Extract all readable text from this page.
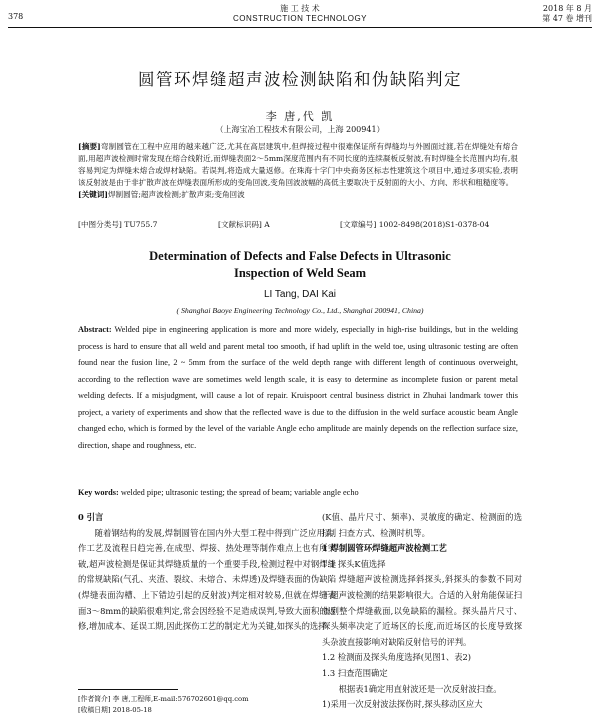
378
施 工 技 术
CONSTRUCTION TECHNOLOGY
2018 年 8 月
第 47 卷 增刊
圆管环焊缝超声波检测缺陷和伪缺陷判定
李 唐,代 凯
（上海宝冶工程技术有限公司，上海 200941）
[摘要]弯制圆管在工程中应用的越来越广泛,尤其在高层建筑中,但焊接过程中很难保证所有焊缝均与外圆面过渡,若在焊缝处有熔合面,用超声波检测时常发现在熔合线附近,而焊缝表面2～5mm深度范围内有不同长度的连续凝板反射波,有时焊缝全长范围内均有,很容易判定为焊缝未熔合或焊材缺陷。若误判,将造成大量返修。在珠海十字门中央商务区标志性建筑这个项目中,通过多项实验,表明该反射波是由于非扩散声波在焊缝表面所形成的变角回波,变角回波波幅的高低主要取决于反射面的大小、方向、形状和粗糙度等。
[关键词]焊制圆管;超声波检测;扩散声束;变角回波
[中图分类号] TU755.7	[文献标识码] A	[文章编号] 1002-8498(2018)S1-0378-04
Determination of Defects and False Defects in Ultrasonic
Inspection of Weld Seam
LI Tang, DAI Kai
( Shanghai Baoye Engineering Technology Co., Ltd., Shanghai 200941, China)
Abstract: Welded pipe in engineering application is more and more widely, especially in high-rise buildings, but in the welding process is hard to ensure that all weld and parent metal too smooth, if had uplift in the weld toe, using ultrasonic testing are often found near the fusion line, 2 ~ 5mm from the surface of the weld depth range with different length of continuous overweight, according to the reflection wave are sometimes weld length scale, it is easy to determine as incomplete fusion or parent metal welding defects. If a misjudgment, will cause a lot of repair. Kruispoort central business district in Zhuhai landmark tower this project, a variety of experiments and show that the reflected wave is due to the diffusion in the weld surface acoustic beam Angle changed echo, which is formed by the level of the variable Angle echo amplitude are mainly depends on the reflection surface size, direction, shape and roughness, etc.
Key words: welded pipe; ultrasonic testing; the spread of beam; variable angle echo

0 引言

随着钢结构的发展,焊制圆管在国内外大型工程中得到广泛应用,制作工艺及流程日趋完善,在成型、焊接、热处理等制作难点上也有所突破,超声波检测是保证其焊缝质量的一个重要手段,检测过程中对钢焊缝的常规缺陷(气孔、夹渣、裂纹、未熔合、未焊透)及焊缝表面的伪缺陷(焊缝表面沟槽、上下错边引起的反射波)判定相对较易,但就在焊缝表面3～8mm的缺陷很难判定,常会因经验不足造成误判,导致大面积的返修,增加成本、延误工期,因此探伤工艺的制定尤为关键,如探头的选择

(K值、晶片尺寸、频率)、灵敏度的确定、检测面的选择、扫查方式、检测时机等。

1 焊制圆管环焊缝超声波检测工艺

1.1 探头K值选择

焊缝超声波检测选择斜探头,斜探头的参数不同对于超声波检测的结果影响很大。合适的入射角能保证扫查到整个焊缝截面,以免缺陷的漏检。探头晶片尺寸、探头频率决定了近场区的长度,而近场区的长度导致探头杂波直接影响对缺陷反射信号的评判。

1.2 检测面及探头角度选择(见图1、表2)

1.3 扫查范围确定

根据表1确定用直射波还是一次反射波扫查。

1)采用一次反射波法探伤时,探头移动区应大

[作者简介] 李 唐,工程师,E-mail:576702601@qq.com
[收稿日期] 2018-05-18
